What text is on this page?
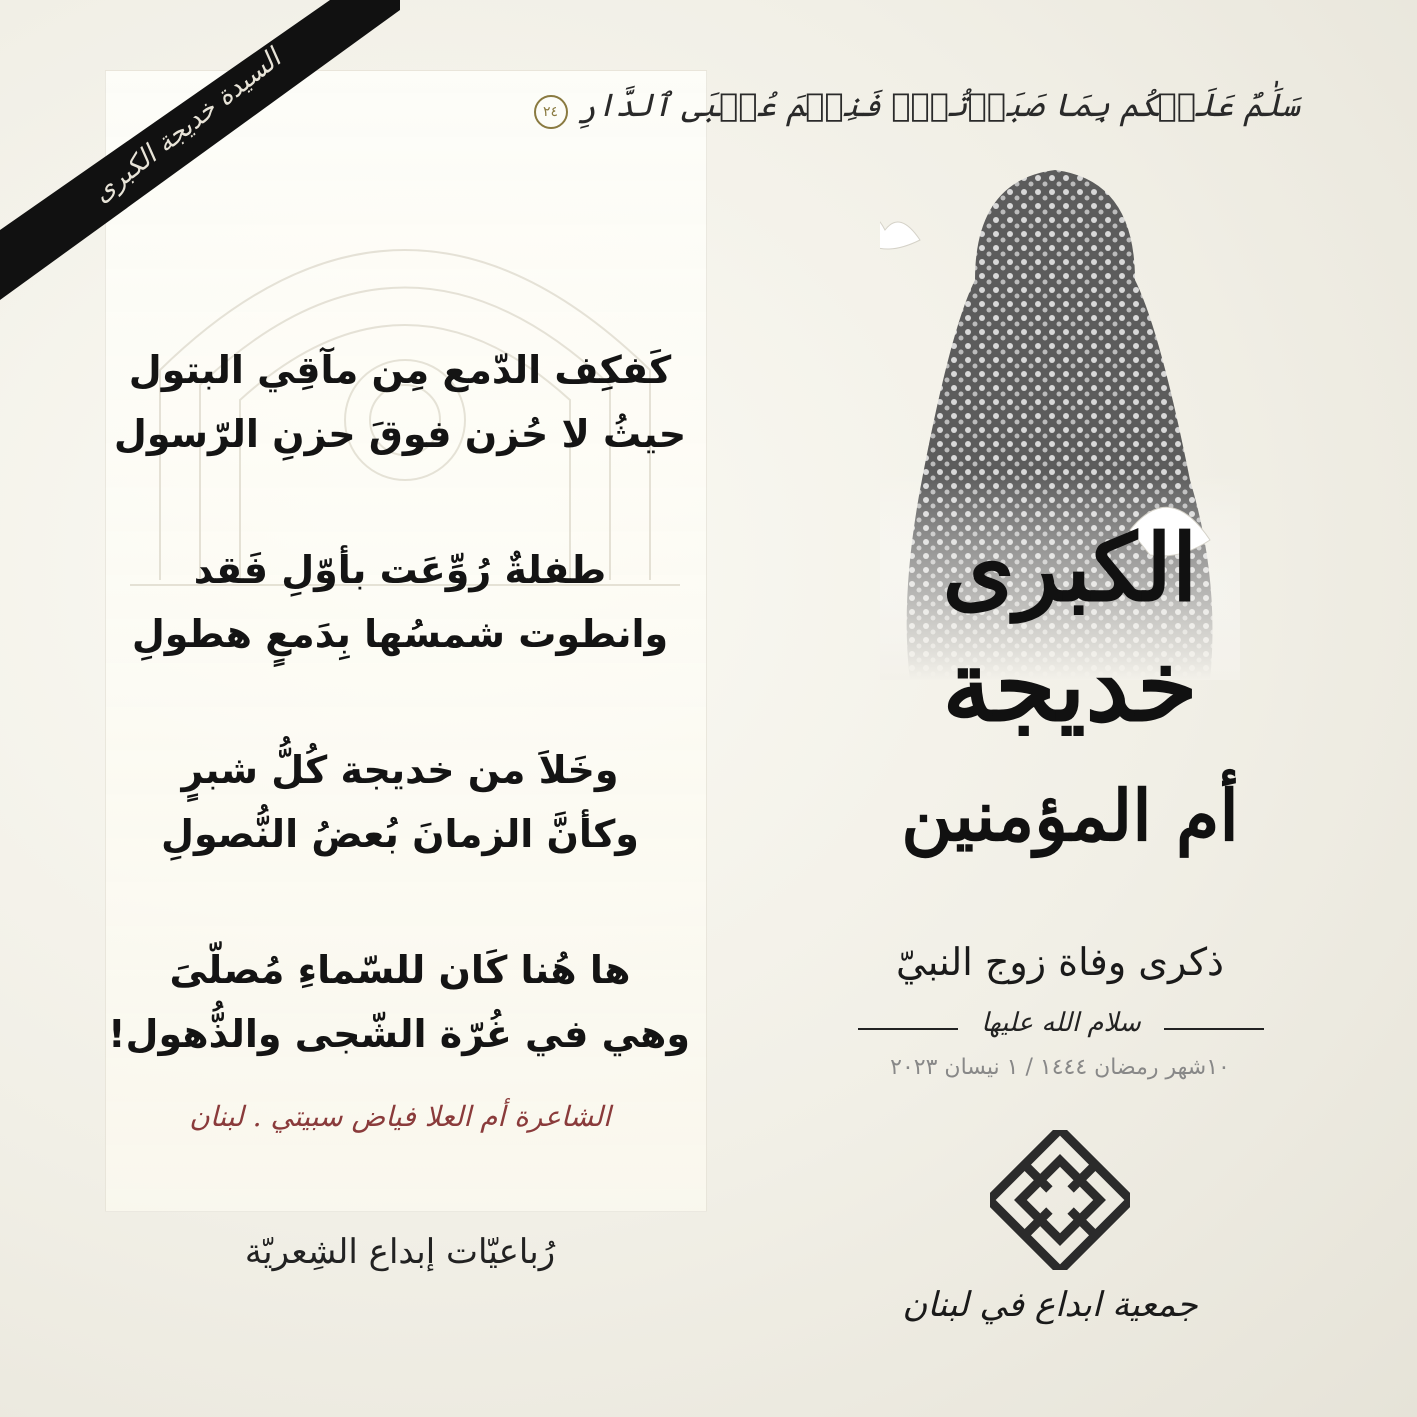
كَفكِف الدّمع مِن مآقِي البتول
حيثُ لا حُزن فوقَ حزنِ الرّسول
طفلةٌ رُوِّعَت بأوّلِ فَقد
وانطوت شمسُها بِدَمعٍ هطولِ
وخَلاَ من خديجة كُلُّ شبرٍ
وكأنَّ الزمانَ بُعضُ النُّصولِ
ها هُنا كَان للسّماءِ مُصلّىَ
وهي في غُرّة الشّجى والذُّهول!
الشاعرة أم العلا فياض سبيتي . لبنان
رُباعيّات إبداع الشِعريّة
السيدة خديجة الكبرى	سَلَٰمٌ عَلَيۡكُم بِمَا صَبَرۡتُمۡۚ فَنِعۡمَ عُقۡبَى ٱلدَّارِ ٢٤
الكبرى
خديجة
أم المؤمنين
ذكرى وفاة زوج النبيّ
سلام الله عليها
١٠شهر رمضان ١٤٤٤ / ١ نيسان ٢٠٢٣
جمعية ابداع في لبنان
